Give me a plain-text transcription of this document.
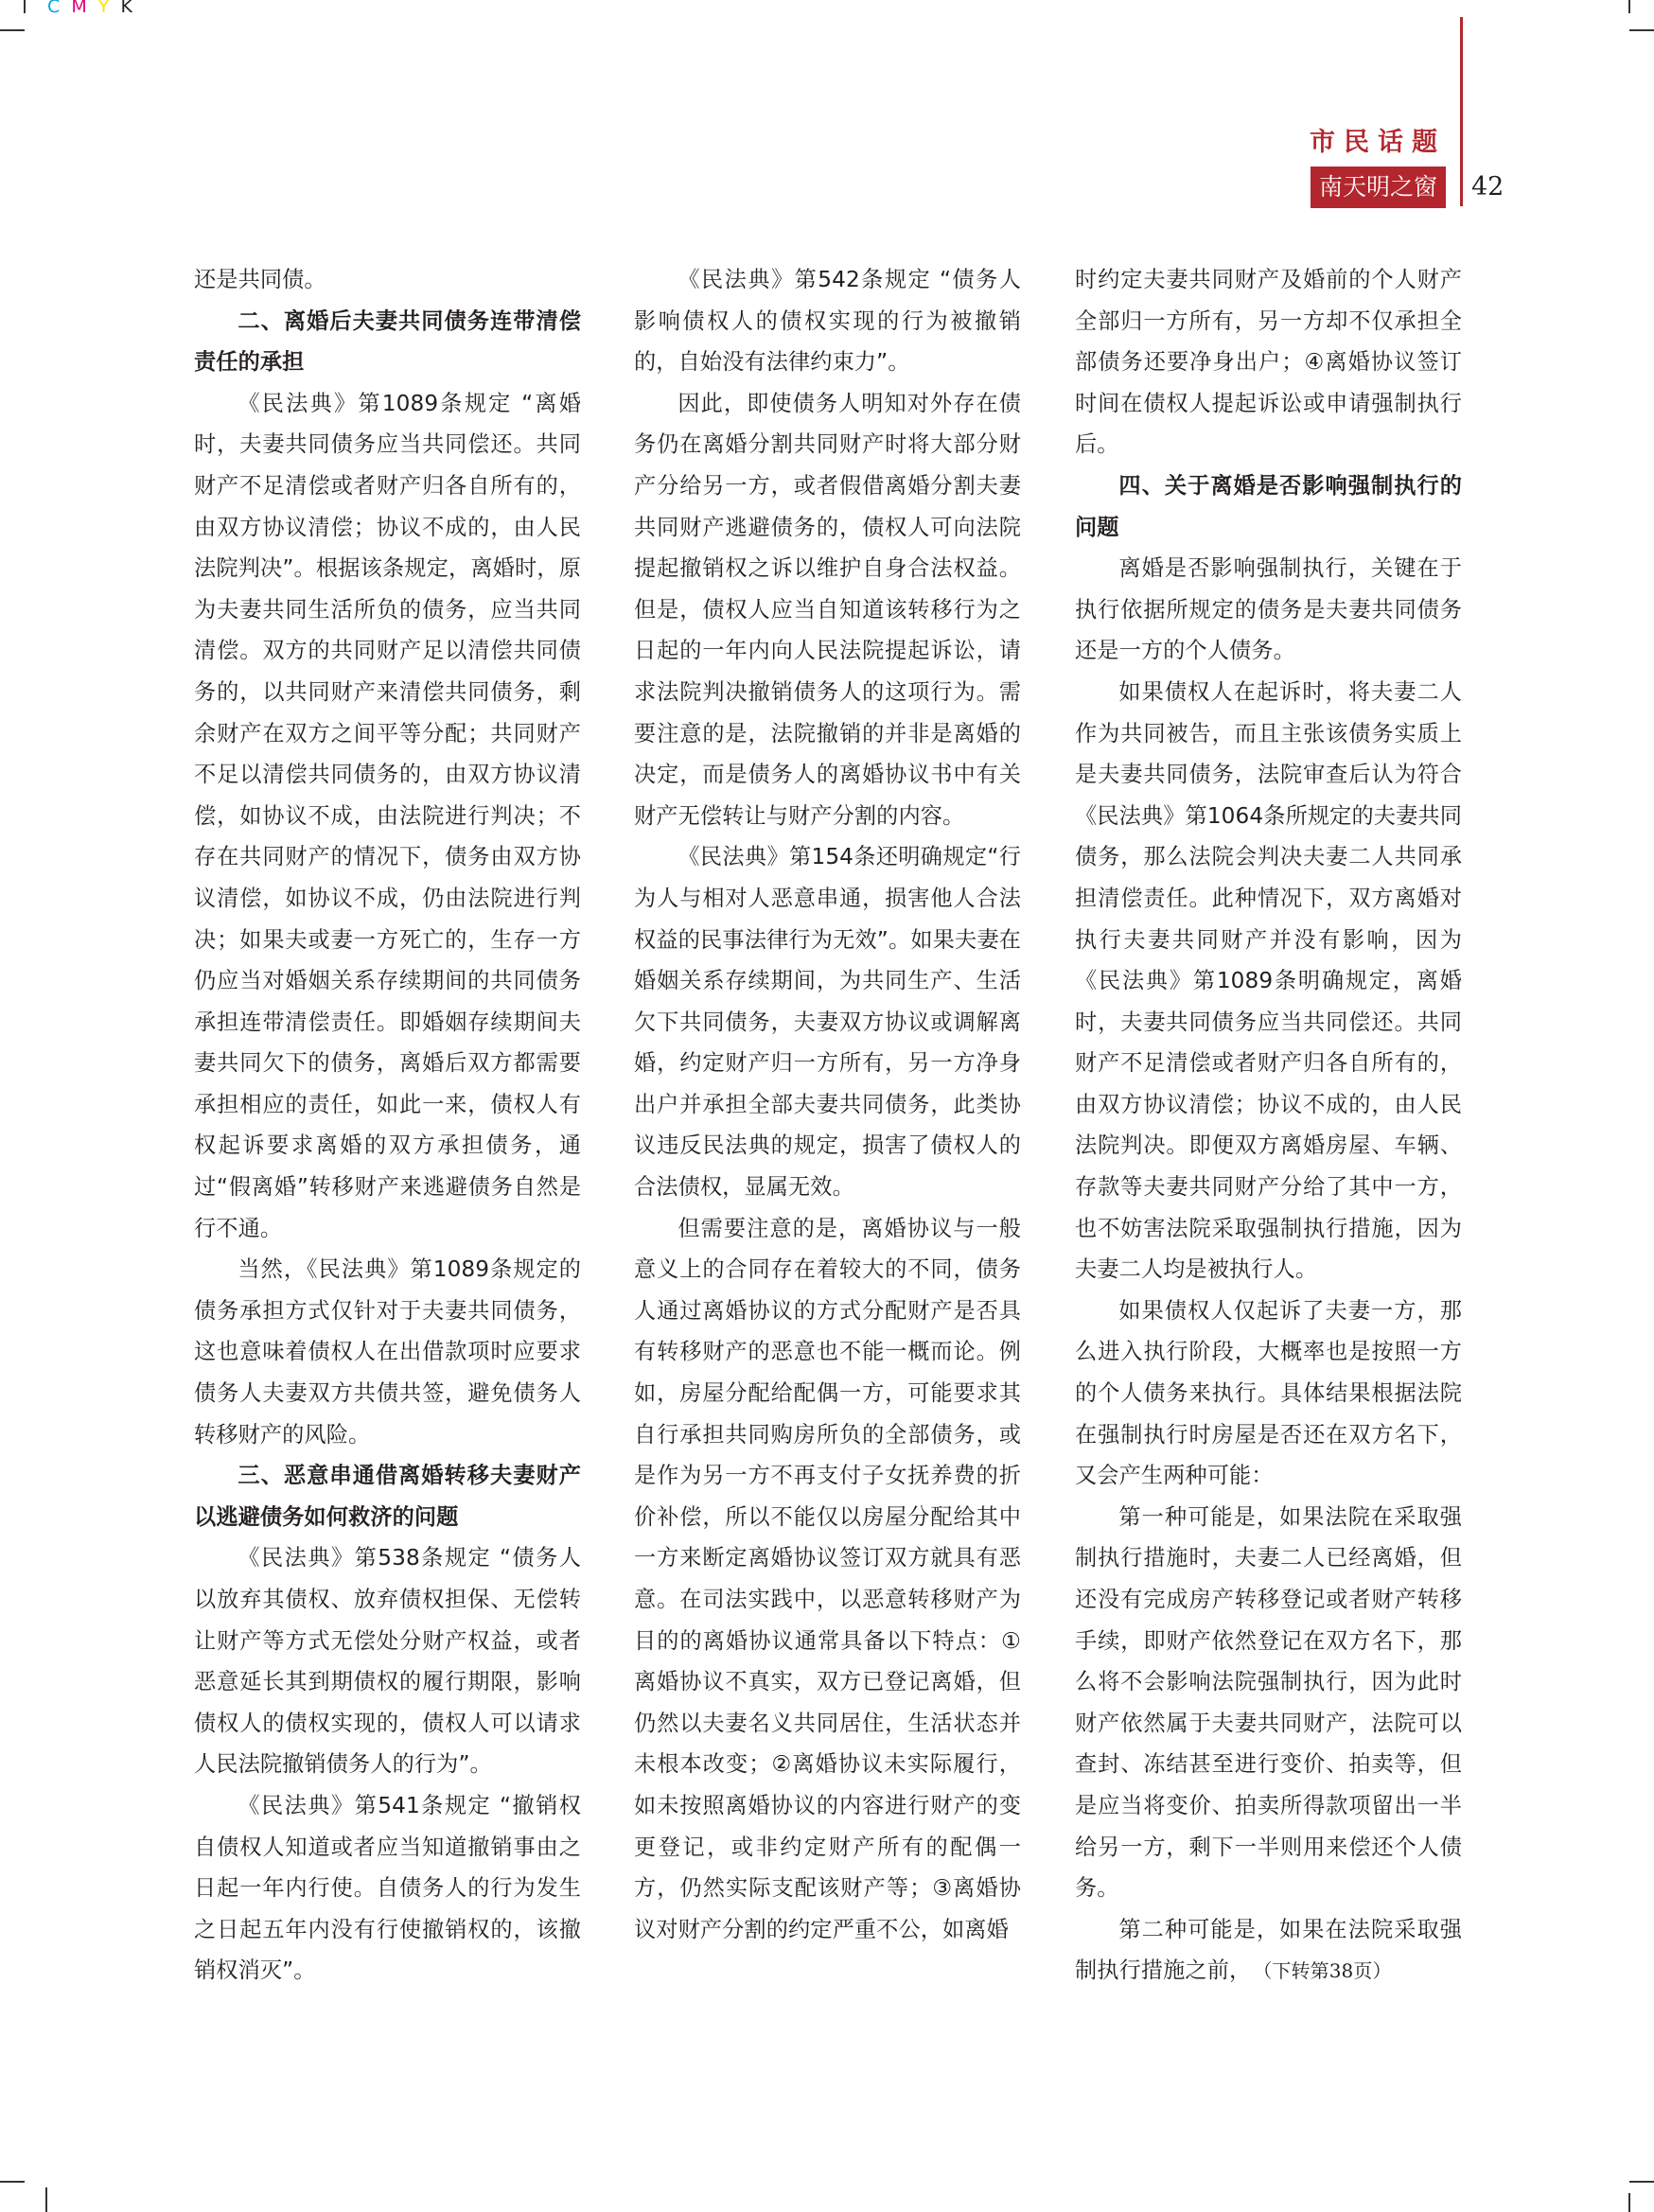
C M Y K
市民话题
南天明之窗	42

还是共同债。

二、离婚后夫妻共同债务连带清偿责任的承担

《民法典》第1089条规定 “离婚时，夫妻共同债务应当共同偿还。共同财产不足清偿或者财产归各自所有的，由双方协议清偿；协议不成的，由人民法院判决”。根据该条规定，离婚时，原为夫妻共同生活所负的债务，应当共同清偿。双方的共同财产足以清偿共同债务的，以共同财产来清偿共同债务，剩余财产在双方之间平等分配；共同财产不足以清偿共同债务的，由双方协议清偿，如协议不成，由法院进行判决；不存在共同财产的情况下，债务由双方协议清偿，如协议不成，仍由法院进行判决；如果夫或妻一方死亡的，生存一方仍应当对婚姻关系存续期间的共同债务承担连带清偿责任。即婚姻存续期间夫妻共同欠下的债务，离婚后双方都需要承担相应的责任，如此一来，债权人有权起诉要求离婚的双方承担债务，通过“假离婚”转移财产来逃避债务自然是行不通。

当然，《民法典》第1089条规定的债务承担方式仅针对于夫妻共同债务，这也意味着债权人在出借款项时应要求债务人夫妻双方共债共签，避免债务人转移财产的风险。

三、恶意串通借离婚转移夫妻财产以逃避债务如何救济的问题

《民法典》第538条规定 “债务人以放弃其债权、放弃债权担保、无偿转让财产等方式无偿处分财产权益，或者恶意延长其到期债权的履行期限，影响债权人的债权实现的，债权人可以请求人民法院撤销债务人的行为”。

《民法典》第541条规定 “撤销权自债权人知道或者应当知道撤销事由之日起一年内行使。自债务人的行为发生之日起五年内没有行使撤销权的，该撤销权消灭”。

《民法典》第542条规定 “债务人影响债权人的债权实现的行为被撤销的，自始没有法律约束力”。

因此，即使债务人明知对外存在债务仍在离婚分割共同财产时将大部分财产分给另一方，或者假借离婚分割夫妻共同财产逃避债务的，债权人可向法院提起撤销权之诉以维护自身合法权益。但是，债权人应当自知道该转移行为之日起的一年内向人民法院提起诉讼，请求法院判决撤销债务人的这项行为。需要注意的是，法院撤销的并非是离婚的决定，而是债务人的离婚协议书中有关财产无偿转让与财产分割的内容。

《民法典》第154条还明确规定“行为人与相对人恶意串通，损害他人合法权益的民事法律行为无效”。如果夫妻在婚姻关系存续期间，为共同生产、生活欠下共同债务，夫妻双方协议或调解离婚，约定财产归一方所有，另一方净身出户并承担全部夫妻共同债务，此类协议违反民法典的规定，损害了债权人的合法债权，显属无效。

但需要注意的是，离婚协议与一般意义上的合同存在着较大的不同，债务人通过离婚协议的方式分配财产是否具有转移财产的恶意也不能一概而论。例如，房屋分配给配偶一方，可能要求其自行承担共同购房所负的全部债务，或是作为另一方不再支付子女抚养费的折价补偿，所以不能仅以房屋分配给其中一方来断定离婚协议签订双方就具有恶意。在司法实践中，以恶意转移财产为目的的离婚协议通常具备以下特点：①离婚协议不真实，双方已登记离婚，但仍然以夫妻名义共同居住，生活状态并未根本改变；②离婚协议未实际履行，如未按照离婚协议的内容进行财产的变更登记，或非约定财产所有的配偶一方，仍然实际支配该财产等；③离婚协议对财产分割的约定严重不公，如离婚

时约定夫妻共同财产及婚前的个人财产全部归一方所有，另一方却不仅承担全部债务还要净身出户；④离婚协议签订时间在债权人提起诉讼或申请强制执行后。

四、关于离婚是否影响强制执行的问题

离婚是否影响强制执行，关键在于执行依据所规定的债务是夫妻共同债务还是一方的个人债务。

如果债权人在起诉时，将夫妻二人作为共同被告，而且主张该债务实质上是夫妻共同债务，法院审查后认为符合《民法典》第1064条所规定的夫妻共同债务，那么法院会判决夫妻二人共同承担清偿责任。此种情况下，双方离婚对执行夫妻共同财产并没有影响，因为《民法典》第1089条明确规定，离婚时，夫妻共同债务应当共同偿还。共同财产不足清偿或者财产归各自所有的，由双方协议清偿；协议不成的，由人民法院判决。即便双方离婚房屋、车辆、存款等夫妻共同财产分给了其中一方，也不妨害法院采取强制执行措施，因为夫妻二人均是被执行人。

如果债权人仅起诉了夫妻一方，那么进入执行阶段，大概率也是按照一方的个人债务来执行。具体结果根据法院在强制执行时房屋是否还在双方名下，又会产生两种可能：

第一种可能是，如果法院在采取强制执行措施时，夫妻二人已经离婚，但还没有完成房产转移登记或者财产转移手续，即财产依然登记在双方名下，那么将不会影响法院强制执行，因为此时财产依然属于夫妻共同财产，法院可以查封、冻结甚至进行变价、拍卖等，但是应当将变价、拍卖所得款项留出一半给另一方，剩下一半则用来偿还个人债务。

第二种可能是，如果在法院采取强制执行措施之前， （下转第38页）
